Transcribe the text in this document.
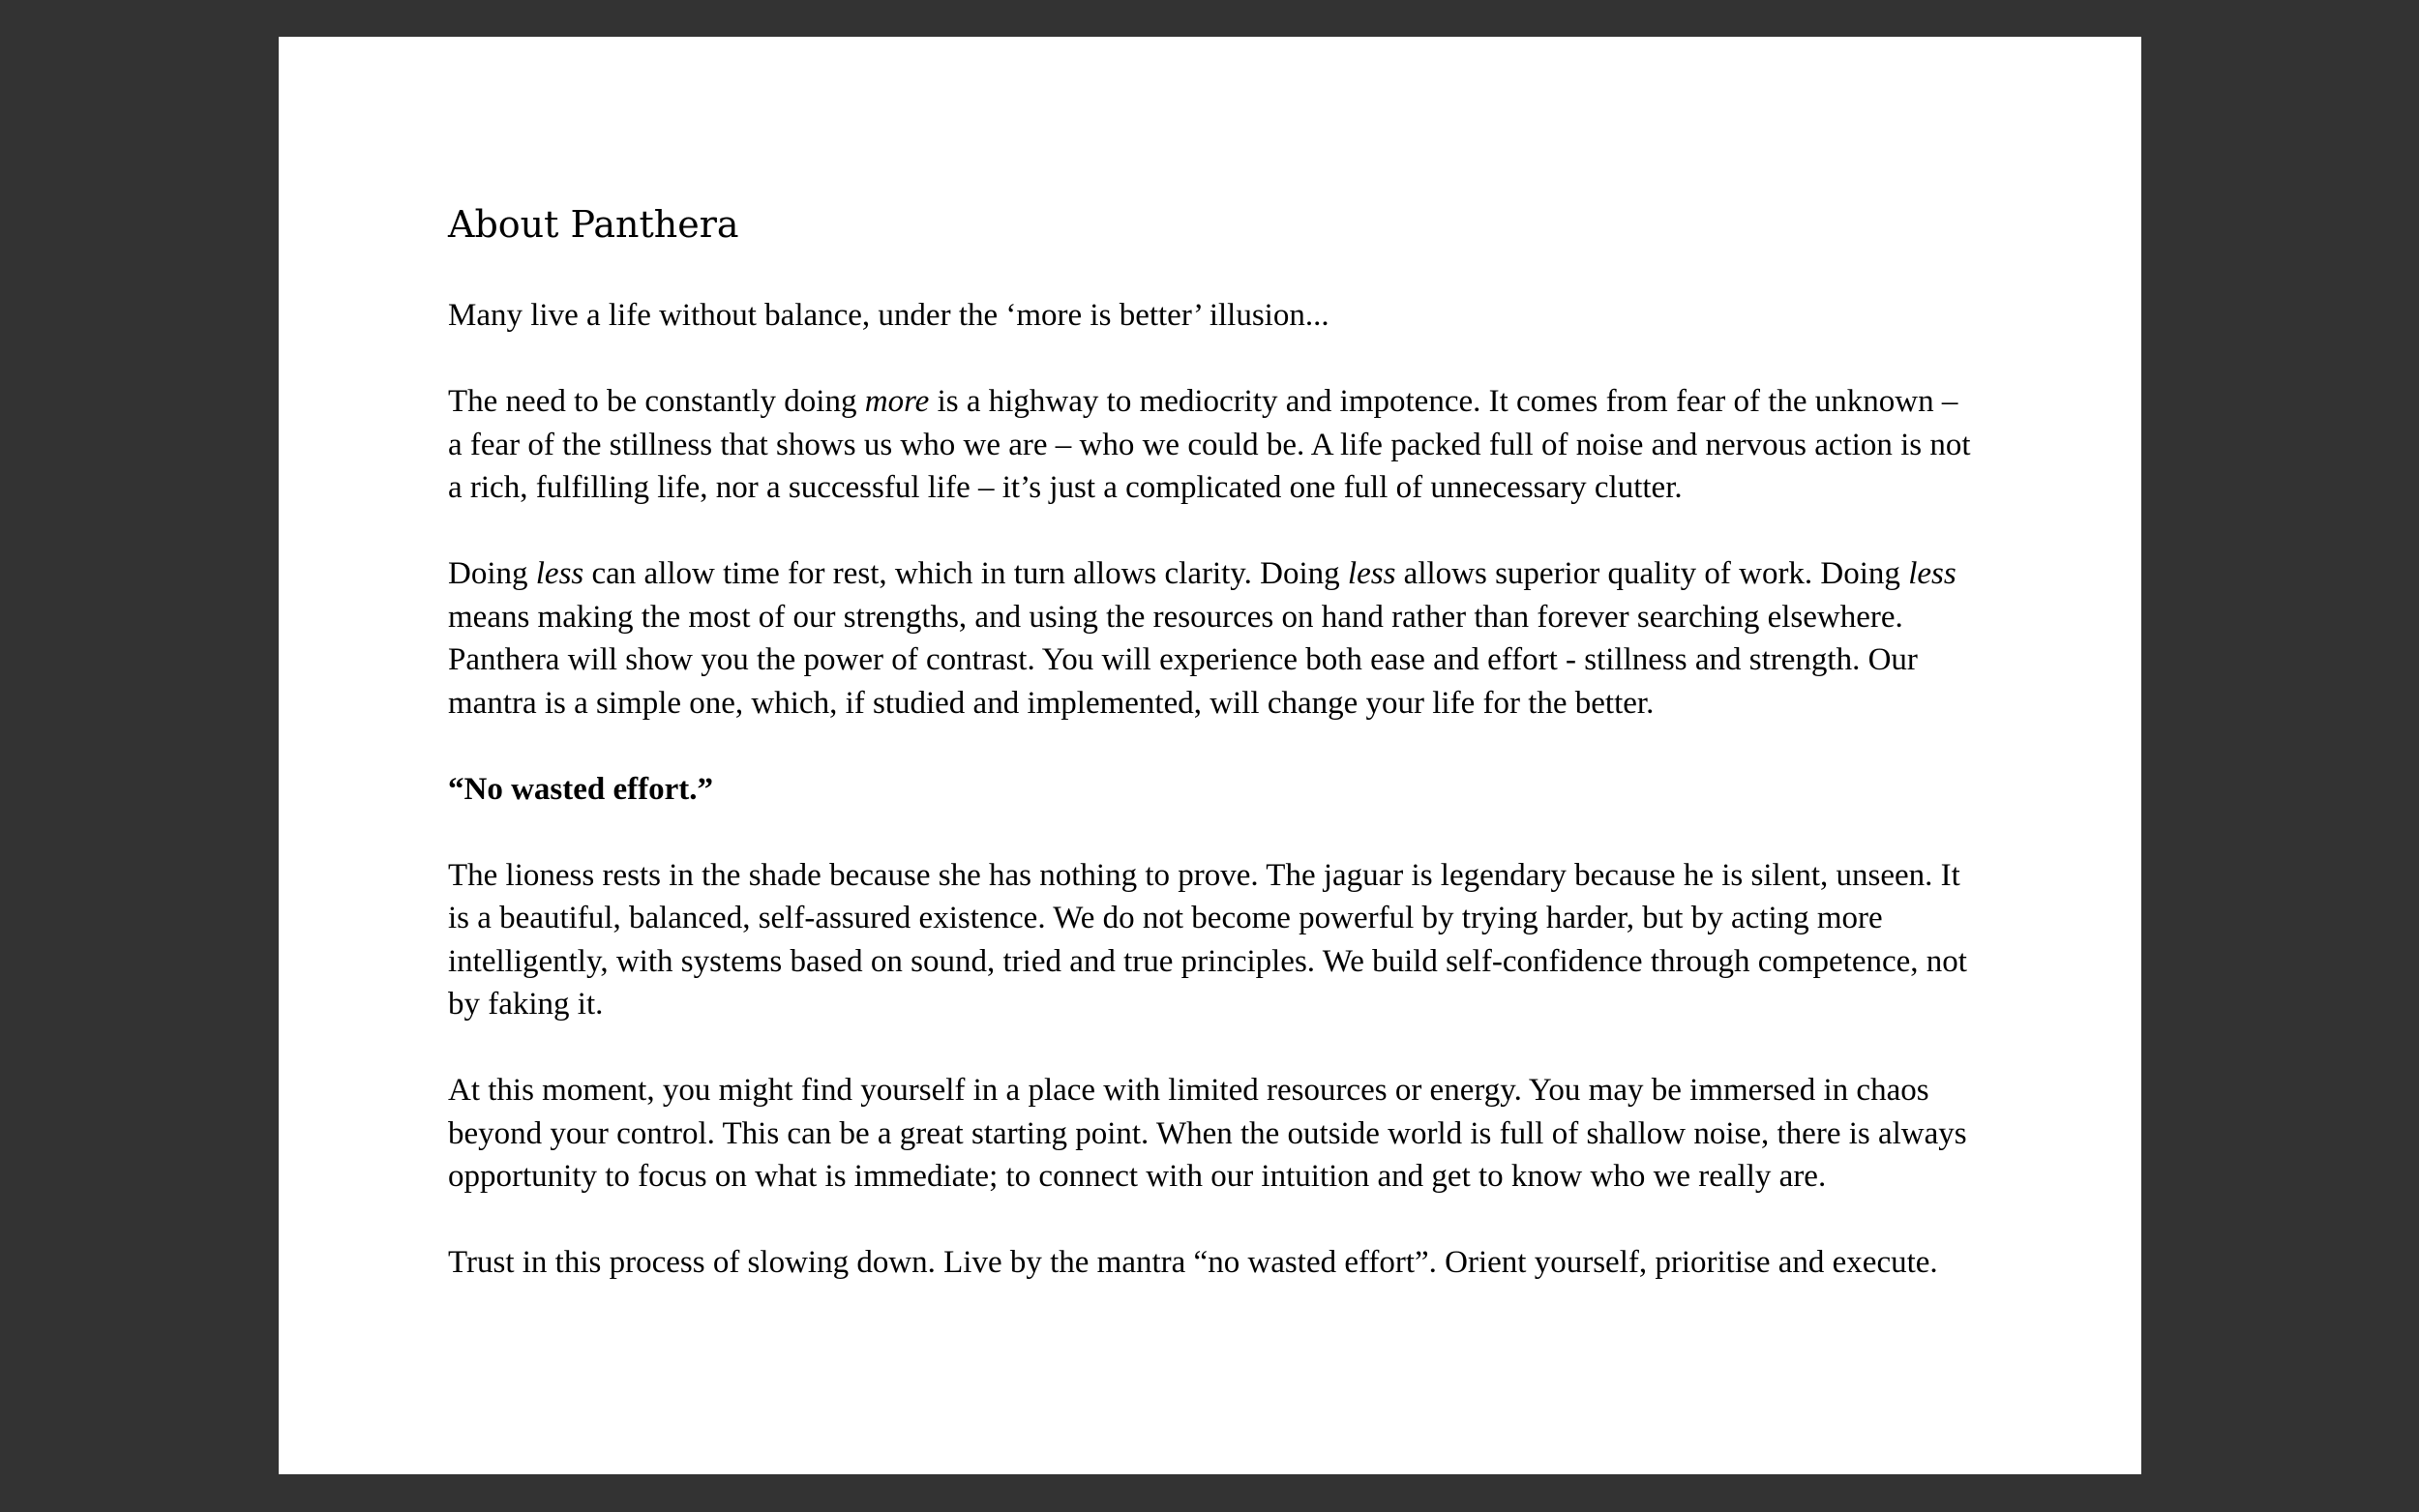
About Panthera

Many live a life without balance, under the ‘more is better’ illusion...

The need to be constantly doing more is a highway to mediocrity and impotence. It comes from fear of the unknown – a fear of the stillness that shows us who we are – who we could be. A life packed full of noise and nervous action is not a rich, fulfilling life, nor a successful life – it’s just a complicated one full of unnecessary clutter.

Doing less can allow time for rest, which in turn allows clarity. Doing less allows superior quality of work. Doing less means making the most of our strengths, and using the resources on hand rather than forever searching elsewhere. Panthera will show you the power of contrast. You will experience both ease and effort - stillness and strength. Our mantra is a simple one, which, if studied and implemented, will change your life for the better.

“No wasted effort.”

The lioness rests in the shade because she has nothing to prove. The jaguar is legendary because he is silent, unseen. It is a beautiful, balanced, self-assured existence. We do not become powerful by trying harder, but by acting more intelligently, with systems based on sound, tried and true principles. We build self-confidence through competence, not by faking it.

At this moment, you might find yourself in a place with limited resources or energy. You may be immersed in chaos beyond your control. This can be a great starting point. When the outside world is full of shallow noise, there is always opportunity to focus on what is immediate; to connect with our intuition and get to know who we really are.

Trust in this process of slowing down. Live by the mantra “no wasted effort”. Orient yourself, prioritise and execute.
